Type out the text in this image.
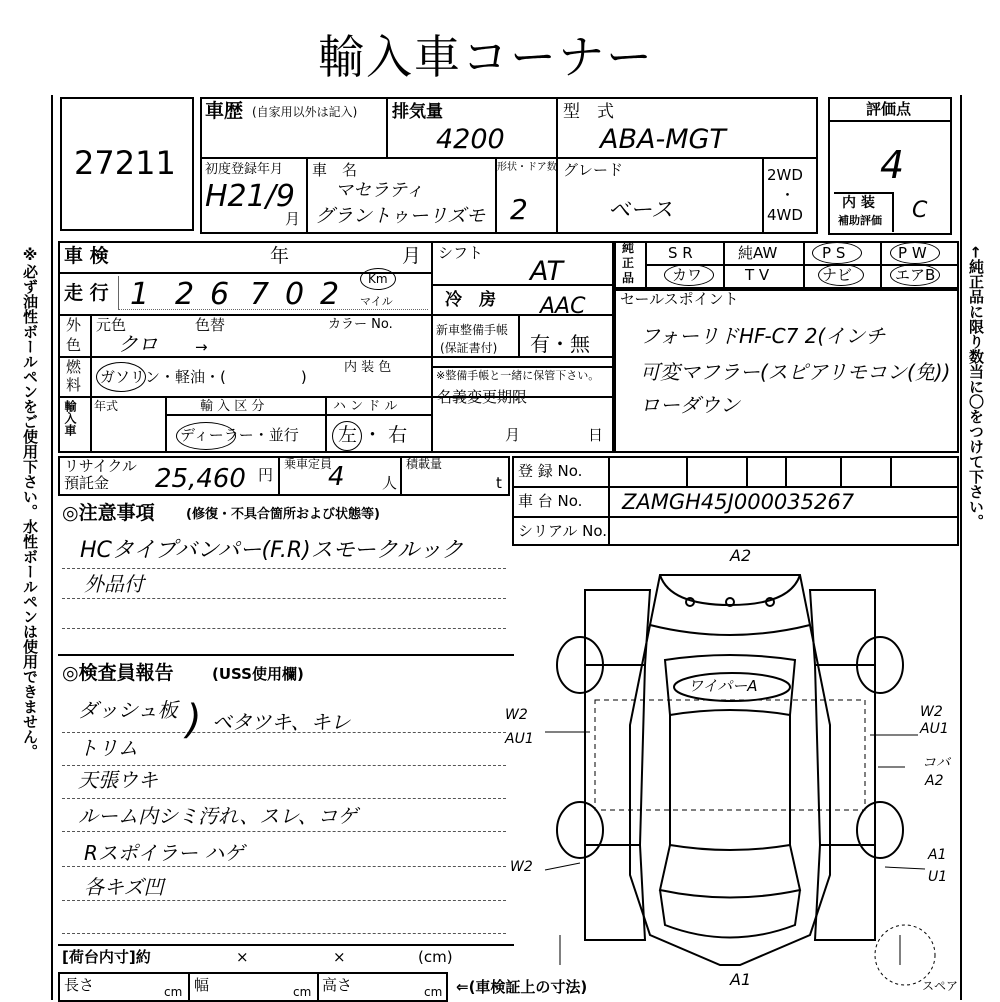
輸入車コーナー
※必ず油性ボールペンをご使用下さい。水性ボールペンは使用できません。	←純正品に限り数当に〇をつけて下さい。
27211
車歴 (自家用以外は記入) 排気量
4200
型　式
ABA-MGT
初度登録年月
H21/9
月
車　名
マセラティ
グラントゥーリズモ
形状・ドア数
2
グレード
ベース
2WD
・
4WD
評価点
4
内 装
補助評価 C
車 検	年	月
走 行 1 2 6 7 0 2 Km
マイル
シフト
AT
冷　房 AAC
外
色
元色	色替	カラー No.
クロ →
新車整備手帳
(保証書付) 有・無
※整備手帳と一緒に保管下さい。
燃
料 ガソリン・軽油・(　　　　　)
内 装 色
輸入車 年式	輸 入 区 分	ハ ン ド ル
ディーラー・並行 左 ・ 右
名義変更期限
月	日
純
正
品
S R	純AW	P S	P W
カワ	T V	ナビ	エアB
セールスポイント
フォーリドHF-C7 2(インチ
可変マフラー(スピアリモコン(免))
ローダウン
リサイクル
預託金 25,460 円
乗車定員
4 人
積載量
t
登 録 No.
車 台 No. ZAMGH45J000035267
シリアル No.
◎注意事項 (修復・不具合箇所および状態等)
HCタイプバンパー(F.R)スモークルック
外品付
◎検査員報告	(USS使用欄)
ダッシュ板
トリム
天張ウキ
ルーム内シミ汚れ、スレ、コゲ
Rスポイラー ハゲ
各キズ凹
) ベタツキ、キレ
A2
ワイパーA
W2
AU1
W2
AU1
コバ
A2
W2
A1
U1
A1	スペア
[荷台内寸]約	×	×	(cm)
長さ	cm 幅	cm 高さ	cm ⇐(車検証上の寸法)
